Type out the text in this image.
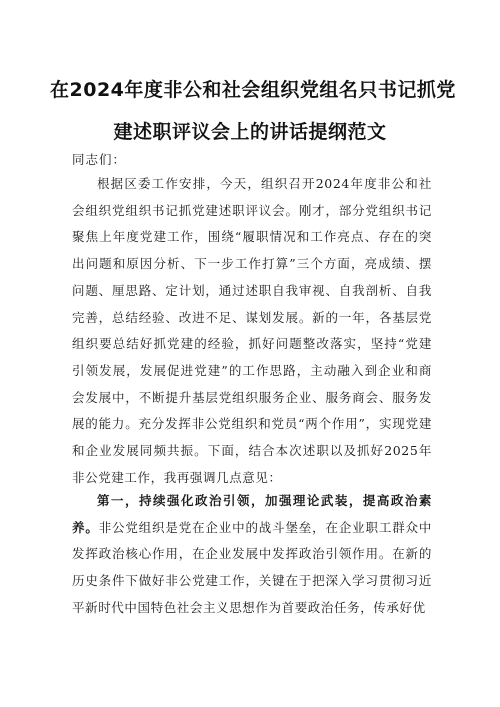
在2024年度非公和社会组织党组名只书记抓党
建述职评议会上的讲话提纲范文
同志们：

根据区委工作安排，今天，组织召开2024年度非公和社会组织党组织书记抓党建述职评议会。刚才，部分党组织书记聚焦上年度党建工作，围绕“履职情况和工作亮点、存在的突出问题和原因分析、下一步工作打算”三个方面，亮成绩、摆问题、厘思路、定计划，通过述职自我审视、自我剖析、自我完善，总结经验、改进不足、谋划发展。新的一年，各基层党组织要总结好抓党建的经验，抓好问题整改落实，坚持“党建引领发展，发展促进党建”的工作思路，主动融入到企业和商会发展中，不断提升基层党组织服务企业、服务商会、服务发展的能力。充分发挥非公党组织和党员“两个作用”，实现党建和企业发展同频共振。下面，结合本次述职以及抓好2025年非公党建工作，我再强调几点意见：

第一，持续强化政治引领，加强理论武装，提高政治素养。非公党组织是党在企业中的战斗堡垒，在企业职工群众中发挥政治核心作用，在企业发展中发挥政治引领作用。在新的历史条件下做好非公党建工作，关键在于把深入学习贯彻习近平新时代中国特色社会主义思想作为首要政治任务，传承好优
